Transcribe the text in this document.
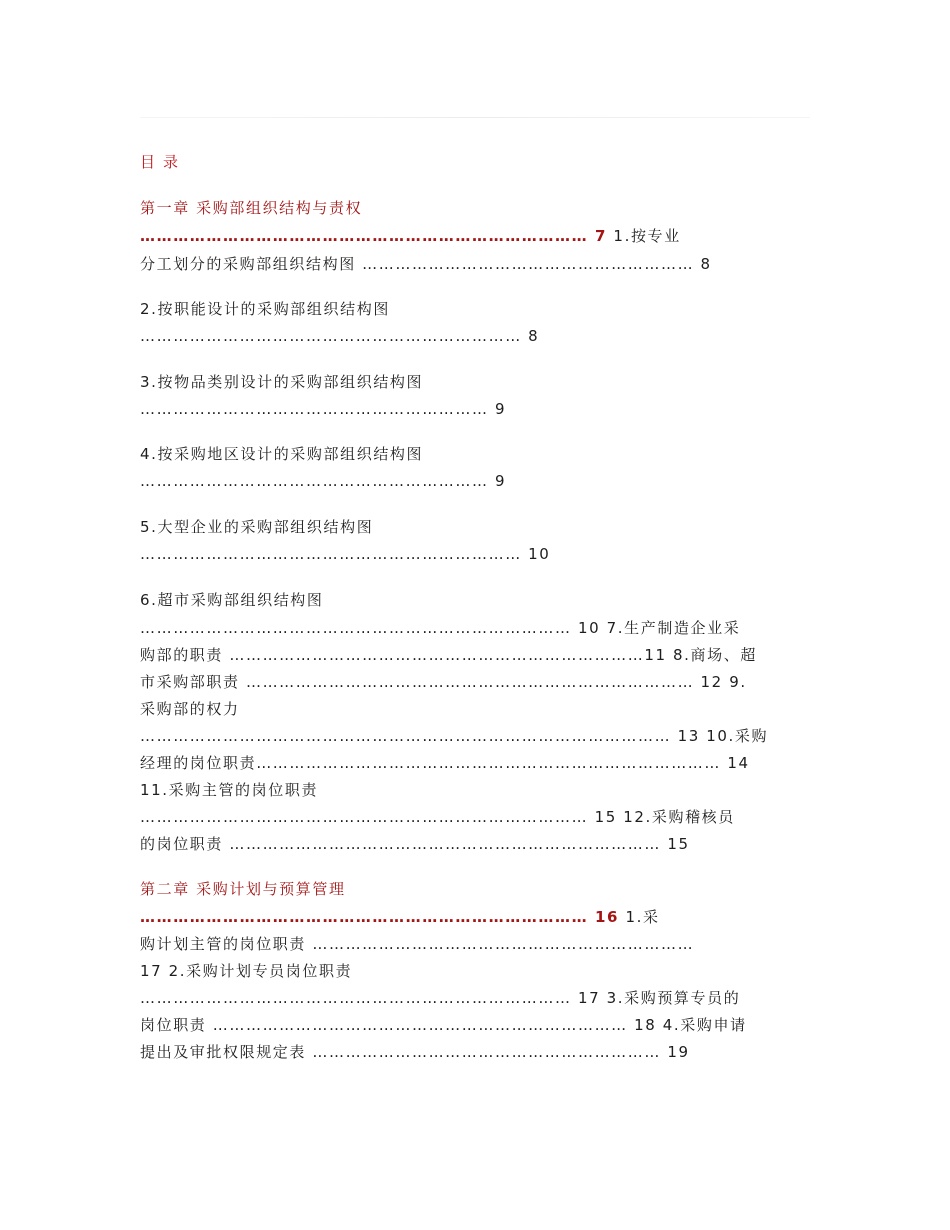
目 录
第一章 采购部组织结构与责权
……………………………………………………………………… 7 1.按专业
分工划分的采购部组织结构图 …………………………………………………… 8
2.按职能设计的采购部组织结构图
…………………………………………………………… 8
3.按物品类别设计的采购部组织结构图
……………………………………………………… 9
4.按采购地区设计的采购部组织结构图
……………………………………………………… 9
5.大型企业的采购部组织结构图
…………………………………………………………… 10
6.超市采购部组织结构图
…………………………………………………………………… 10 7.生产制造企业采
购部的职责 …………………………………………………………………11 8.商场、超
市采购部职责 ……………………………………………………………………… 12 9.
采购部的权力
…………………………………………………………………………………… 13 10.采购
经理的岗位职责………………………………………………………………………… 14
11.采购主管的岗位职责
……………………………………………………………………… 15 12.采购稽核员
的岗位职责 …………………………………………………………………… 15
第二章 采购计划与预算管理
……………………………………………………………………… 16 1.采
购计划主管的岗位职责 ……………………………………………………………
17 2.采购计划专员岗位职责
…………………………………………………………………… 17 3.采购预算专员的
岗位职责 ………………………………………………………………… 18 4.采购申请
提出及审批权限规定表 ……………………………………………………… 19
